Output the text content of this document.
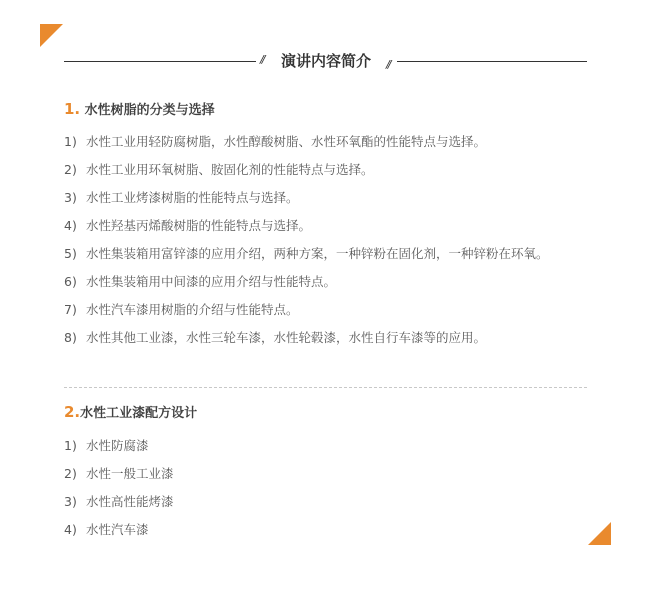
//	演讲内容简介	//
1. 水性树脂的分类与选择
1) 水性工业用轻防腐树脂，水性醇酸树脂、水性环氧酯的性能特点与选择。
2) 水性工业用环氧树脂、胺固化剂的性能特点与选择。
3) 水性工业烤漆树脂的性能特点与选择。
4) 水性羟基丙烯酸树脂的性能特点与选择。
5) 水性集装箱用富锌漆的应用介绍，两种方案，一种锌粉在固化剂，一种锌粉在环氧。
6) 水性集装箱用中间漆的应用介绍与性能特点。
7) 水性汽车漆用树脂的介绍与性能特点。
8) 水性其他工业漆，水性三轮车漆，水性轮毂漆，水性自行车漆等的应用。
2.水性工业漆配方设计
1) 水性防腐漆
2) 水性一般工业漆
3) 水性高性能烤漆
4) 水性汽车漆
